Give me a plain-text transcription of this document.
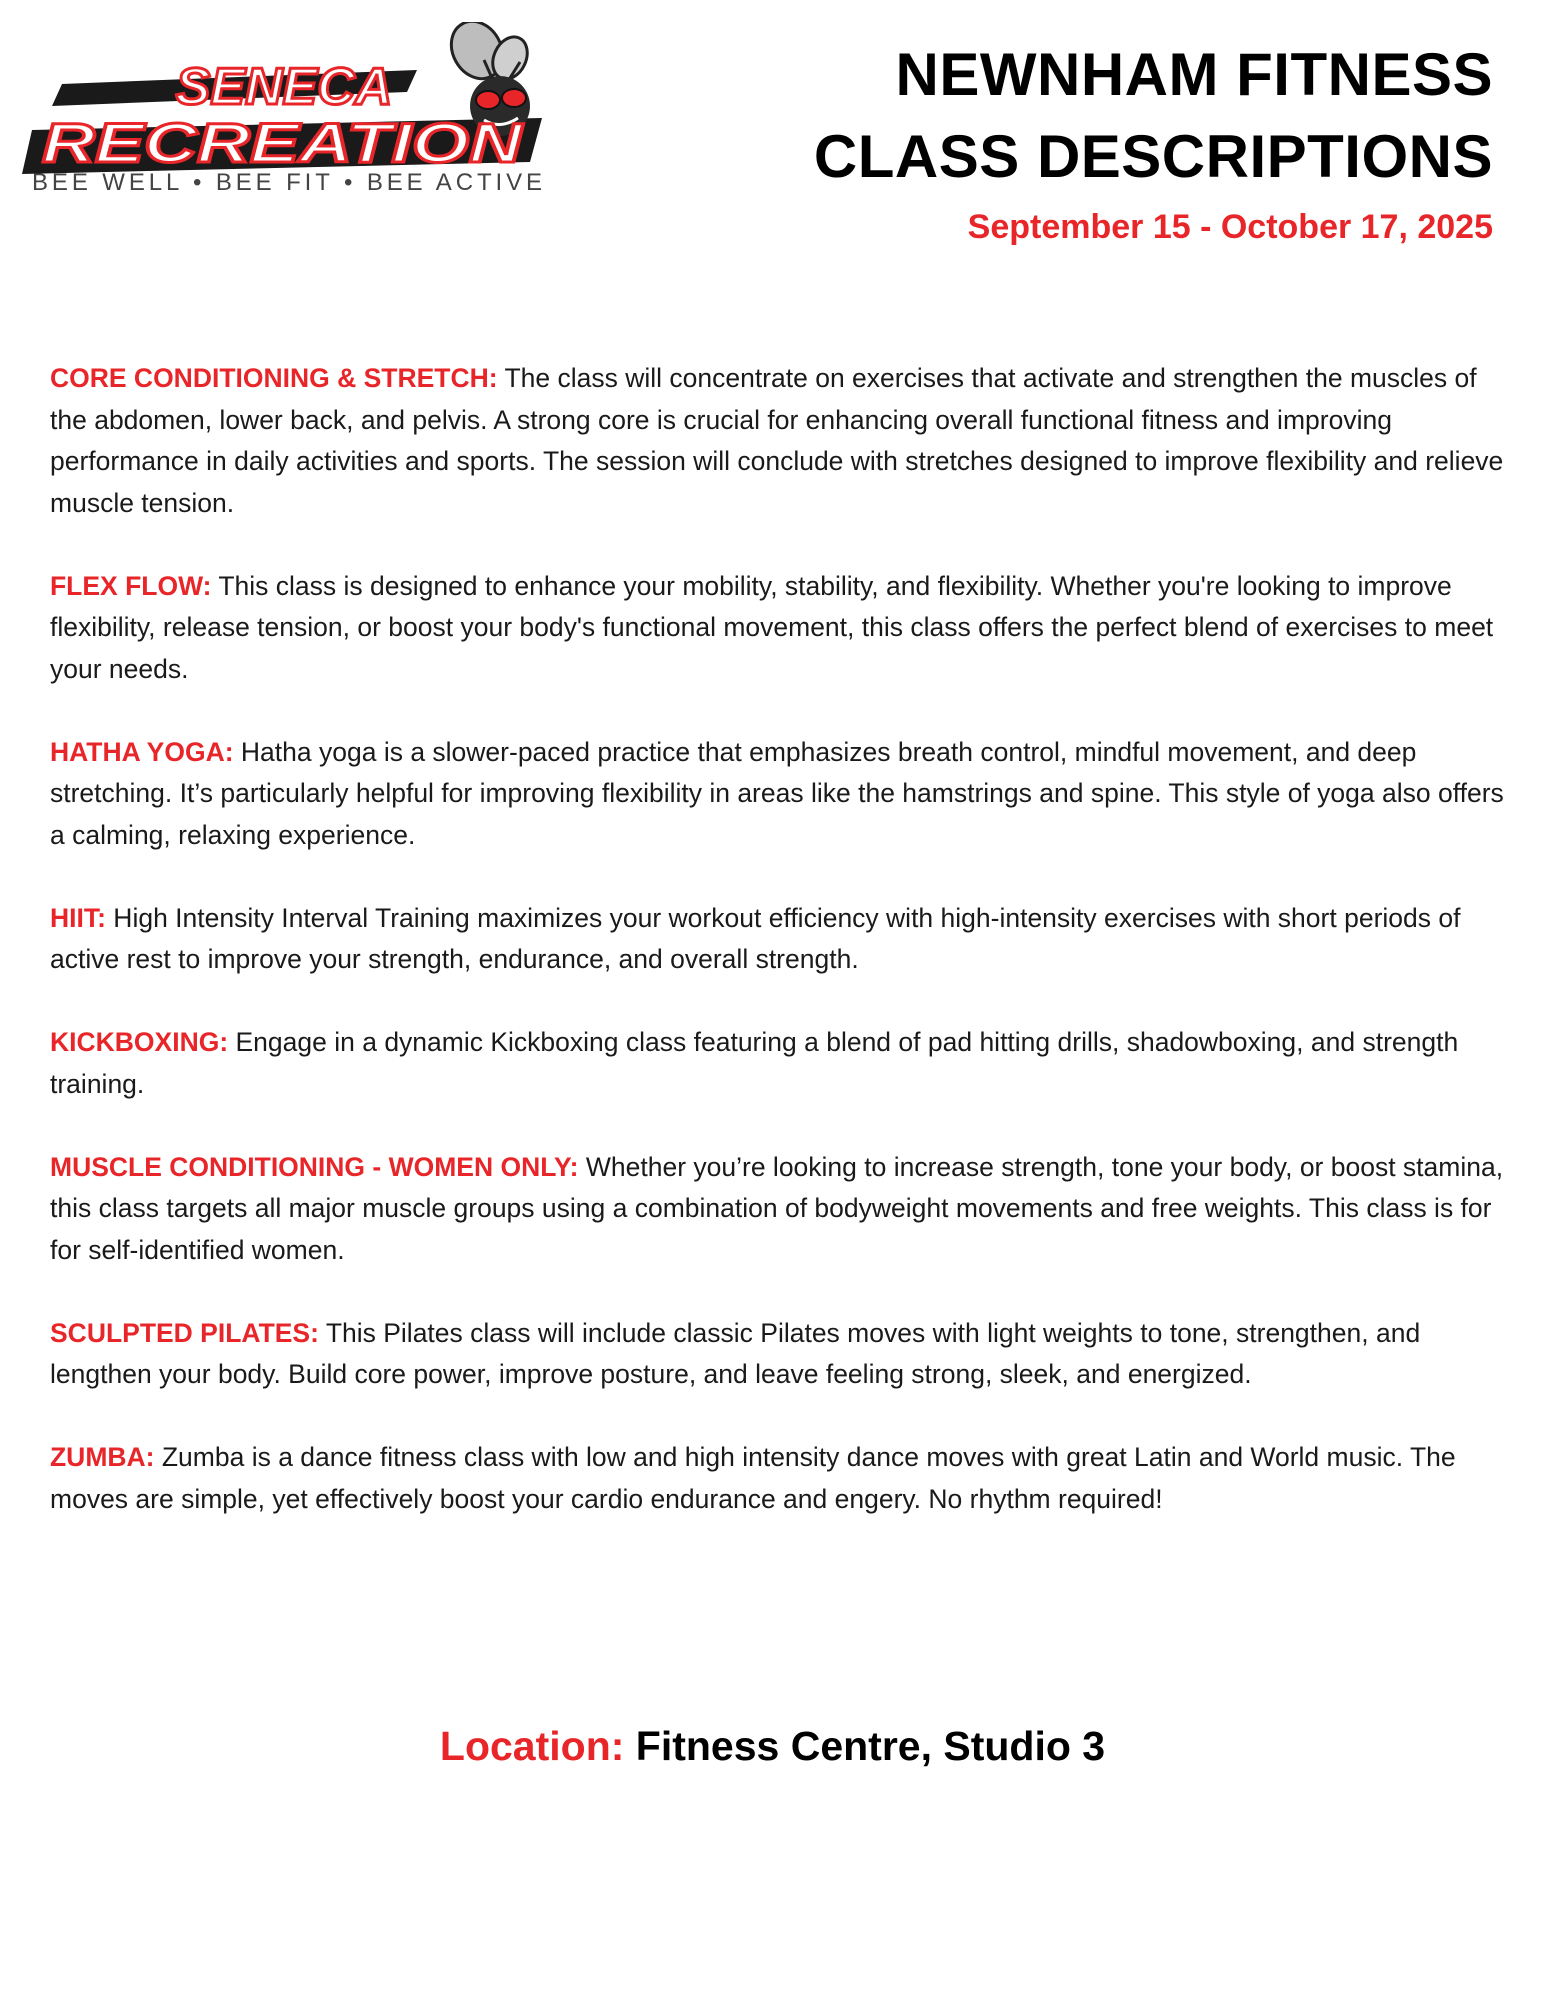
SENECA
RECREATION
BEE WELL • BEE FIT • BEE ACTIVE
NEWNHAM FITNESS
CLASS DESCRIPTIONS
September 15 - October 17, 2025

CORE CONDITIONING & STRETCH: The class will concentrate on exercises that activate and strengthen the muscles of the abdomen, lower back, and pelvis. A strong core is crucial for enhancing overall functional fitness and improving performance in daily activities and sports. The session will conclude with stretches designed to improve flexibility and relieve muscle tension.

FLEX FLOW: This class is designed to enhance your mobility, stability, and flexibility. Whether you're looking to improve flexibility, release tension, or boost your body's functional movement, this class offers the perfect blend of exercises to meet your needs.

HATHA YOGA: Hatha yoga is a slower-paced practice that emphasizes breath control, mindful movement, and deep stretching. It’s particularly helpful for improving flexibility in areas like the hamstrings and spine. This style of yoga also offers a calming, relaxing experience.

HIIT: High Intensity Interval Training maximizes your workout efficiency with high-intensity exercises with short periods of active rest to improve your strength, endurance, and overall strength.

KICKBOXING: Engage in a dynamic Kickboxing class featuring a blend of pad hitting drills, shadowboxing, and strength training.

MUSCLE CONDITIONING - WOMEN ONLY: Whether you’re looking to increase strength, tone your body, or boost stamina, this class targets all major muscle groups using a combination of bodyweight movements and free weights. This class is for for self-identified women.

SCULPTED PILATES: This Pilates class will include classic Pilates moves with light weights to tone, strengthen, and lengthen your body. Build core power, improve posture, and leave feeling strong, sleek, and energized.

ZUMBA: Zumba is a dance fitness class with low and high intensity dance moves with great Latin and World music. The moves are simple, yet effectively boost your cardio endurance and engery. No rhythm required!

Location: Fitness Centre, Studio 3
